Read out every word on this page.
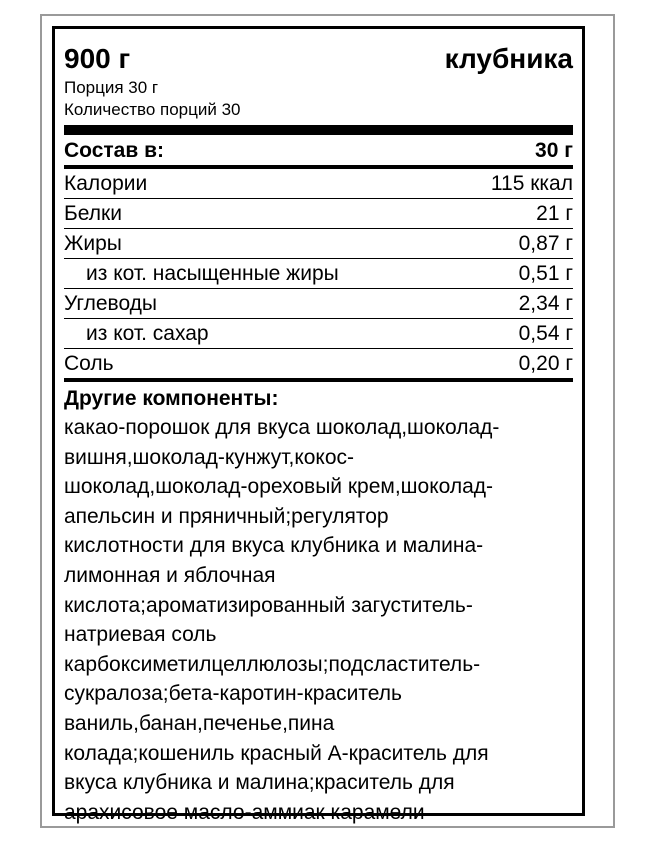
900 г	клубника
Порция 30 г
Количество порций 30
Состав в:	30 г
Калории	115 ккал
Белки	21 г
Жиры	0,87 г
из кот. насыщенные жиры	0,51 г
Углеводы	2,34 г
из кот. сахар	0,54 г
Соль	0,20 г
Другие компоненты:

какао-порошок для вкуса шоколад,шоколад-

вишня,шоколад-кунжут,кокос-

шоколад,шоколад-ореховый крем,шоколад-

апельсин и пряничный;регулятор

кислотности для вкуса клубника и малина-

лимонная и яблочная

кислота;ароматизированный загуститель-

натриевая соль

карбоксиметилцеллюлозы;подсластитель-

сукралоза;бета-каротин-краситель

ваниль,банан,печенье,пина

колада;кошениль красный А-краситель для

вкуса клубника и малина;краситель для

арахисовое масло-аммиак карамели
